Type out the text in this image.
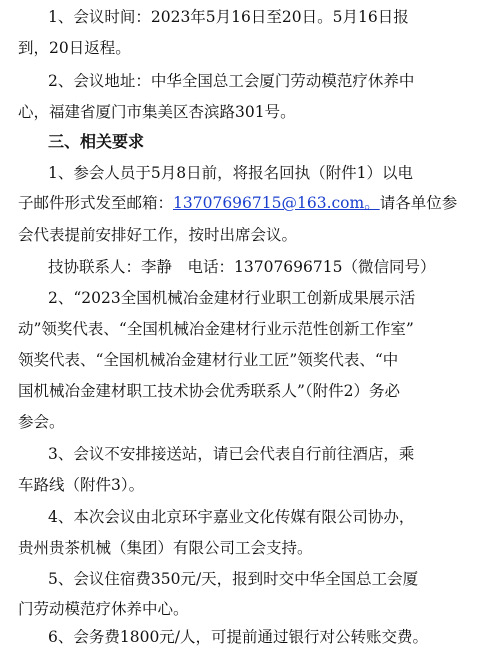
1、会议时间：2023年5月16日至20日。5月16日报
到，20日返程。
2、会议地址：中华全国总工会厦门劳动模范疗休养中
心，福建省厦门市集美区杏滨路301号。
三、相关要求
1、参会人员于5月8日前，将报名回执（附件1）以电
子邮件形式发至邮箱：13707696715@163.com。请各单位参
会代表提前安排好工作，按时出席会议。
技协联系人：李静　电话：13707696715（微信同号）
2、“2023全国机械冶金建材行业职工创新成果展示活
动”领奖代表、“全国机械冶金建材行业示范性创新工作室”
领奖代表、“全国机械冶金建材行业工匠”领奖代表、“中
国机械冶金建材职工技术协会优秀联系人”（附件2）务必
参会。
3、会议不安排接送站，请已会代表自行前往酒店，乘
车路线（附件3）。
4、本次会议由北京环宇嘉业文化传媒有限公司协办，
贵州贵茶机械（集团）有限公司工会支持。
5、会议住宿费350元/天，报到时交中华全国总工会厦
门劳动模范疗休养中心。
6、会务费1800元/人，可提前通过银行对公转账交费。
